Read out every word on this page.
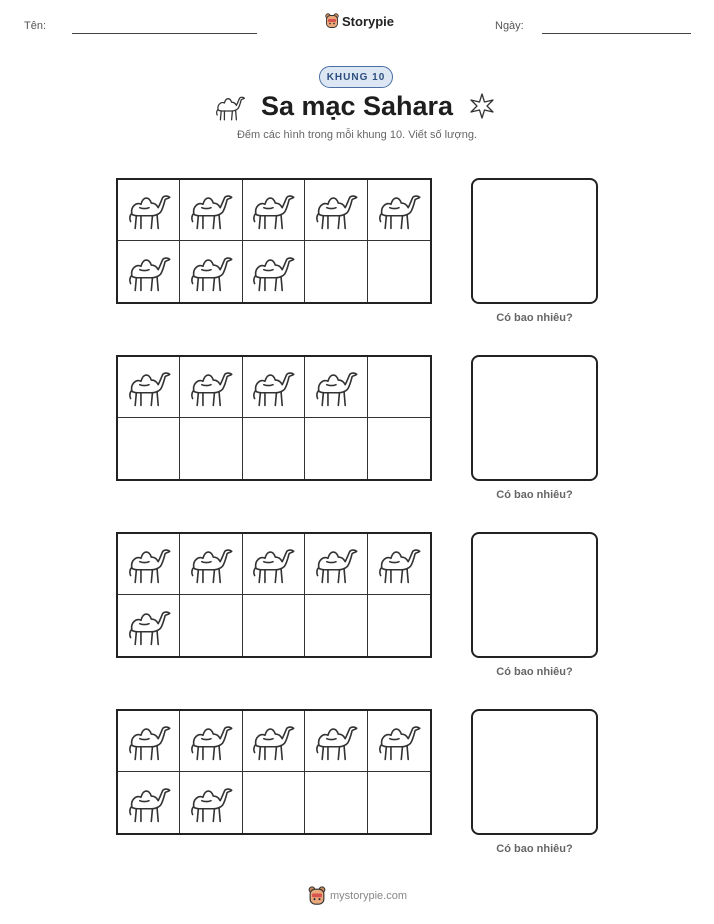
Tên:	Storypie	Ngày:
KHUNG 10
Sa mạc Sahara
Đếm các hình trong mỗi khung 10. Viết số lượng.
Có bao nhiêu?
Có bao nhiêu?
Có bao nhiêu?
Có bao nhiêu?
mystorypie.com
